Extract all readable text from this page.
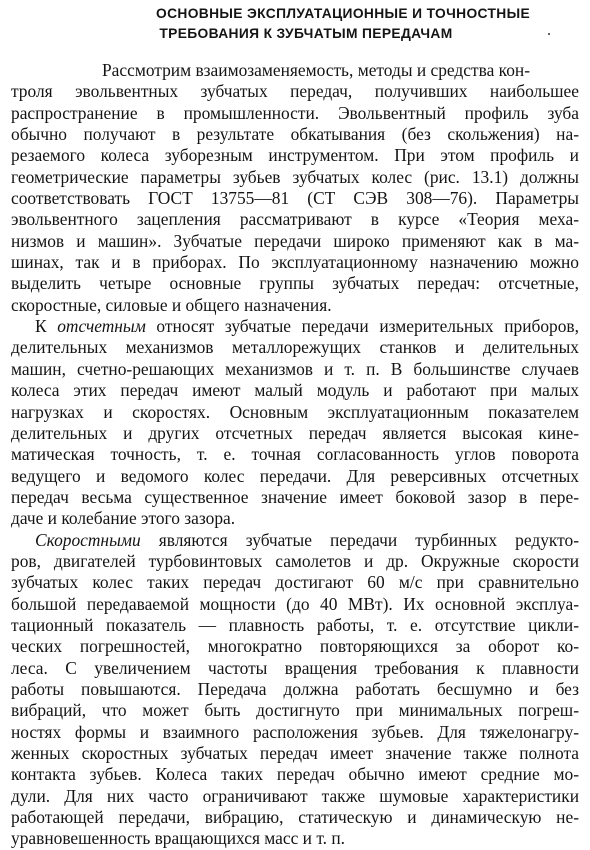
ОСНОВНЫЕ ЭКСПЛУАТАЦИОННЫЕ И ТОЧНОСТНЫЕ
ТРЕБОВАНИЯ К ЗУБЧАТЫМ ПЕРЕДАЧАМ
Рассмотрим взаимозаменяемость, методы и средства кон-
троля эвольвентных зубчатых передач, получивших наибольшее
распространение в промышленности. Эвольвентный профиль зуба
обычно получают в результате обкатывания (без скольжения) на-
резаемого колеса зуборезным инструментом. При этом профиль и
геометрические параметры зубьев зубчатых колес (рис. 13.1) должны
соответствовать ГОСТ 13755—81 (СТ СЭВ 308—76). Параметры
эвольвентного зацепления рассматривают в курсе «Теория меха-
низмов и машин». Зубчатые передачи широко применяют как в ма-
шинах, так и в приборах. По эксплуатационному назначению можно
выделить четыре основные группы зубчатых передач: отсчетные,
скоростные, силовые и общего назначения.
К отсчетным относят зубчатые передачи измерительных приборов,
делительных механизмов металлорежущих станков и делительных
машин, счетно-решающих механизмов и т. п. В большинстве случаев
колеса этих передач имеют малый модуль и работают при малых
нагрузках и скоростях. Основным эксплуатационным показателем
делительных и других отсчетных передач является высокая кине-
матическая точность, т. е. точная согласованность углов поворота
ведущего и ведомого колес передачи. Для реверсивных отсчетных
передач весьма существенное значение имеет боковой зазор в пере-
даче и колебание этого зазора.
Скоростными являются зубчатые передачи турбинных редукто-
ров, двигателей турбовинтовых самолетов и др. Окружные скорости
зубчатых колес таких передач достигают 60 м/с при сравнительно
большой передаваемой мощности (до 40 МВт). Их основной эксплуа-
тационный показатель — плавность работы, т. е. отсутствие цикли-
ческих погрешностей, многократно повторяющихся за оборот ко-
леса. С увеличением частоты вращения требования к плавности
работы повышаются. Передача должна работать бесшумно и без
вибраций, что может быть достигнуто при минимальных погреш-
ностях формы и взаимного расположения зубьев. Для тяжелонагру-
женных скоростных зубчатых передач имеет значение также полнота
контакта зубьев. Колеса таких передач обычно имеют средние мо-
дули. Для них часто ограничивают также шумовые характеристики
работающей передачи, вибрацию, статическую и динамическую не-
уравновешенность вращающихся масс и т. п.
